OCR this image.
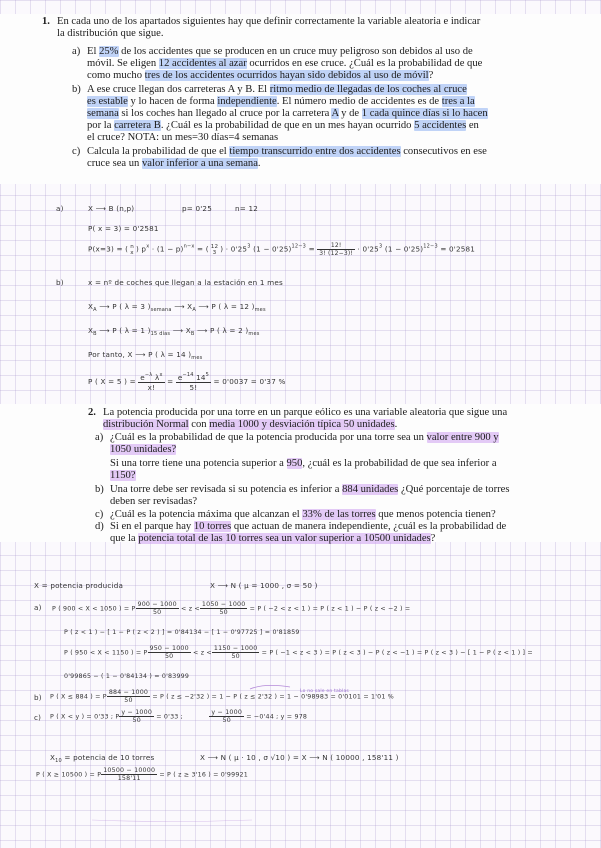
1. En cada uno de los apartados siguientes hay que definir correctamente la variable aleatoria e indicar
la distribución que sigue.
a) El 25% de los accidentes que se producen en un cruce muy peligroso son debidos al uso de
móvil. Se eligen 12 accidentes al azar ocurridos en ese cruce. ¿Cuál es la probabilidad de que
como mucho tres de los accidentes ocurridos hayan sido debidos al uso de móvil?
b) A ese cruce llegan dos carreteras A y B. El ritmo medio de llegadas de los coches al cruce
es estable y lo hacen de forma independiente. El número medio de accidentes es de tres a la
semana si los coches han llegado al cruce por la carretera A y de 1 cada quince días si lo hacen
por la carretera B. ¿Cuál es la probabilidad de que en un mes hayan ocurrido 5 accidentes en
el cruce? NOTA: un mes=30 días=4 semanas
c) Calcula la probabilidad de que el tiempo transcurrido entre dos accidentes consecutivos en ese
cruce sea un valor inferior a una semana.
a)	X ⟶ B (n,p)	p= 0'25	n= 12
P( x = 3) = 0'2581
P(x=3) = ( n
x ) $p^x \cdot (1 - p)^{n-x}$ = ( 12
3 ) · $0'25^3$ $(1 - 0'25)^{12-3} = \frac{12!}{3! (12-3)!} \cdot 0'25^3$ $(1 - 0'25)^{12-3} = 0'2581$
b)	x = nº de coches que llegan a la estación en 1 mes
$X_A$ ⟶ P ( λ = 3 )$_{semana}$ ⟶ $X_A$ ⟶ P ( λ = 12 )$_{mes}$
$X_B$ ⟶ P ( λ = 1 )$_{15 días}$ ⟶ $X_B$ ⟶ P ( λ = 2 )$_{mes}$
Por tanto, X ⟶ P ( λ = 14 )$_{mes}$
P ( X = 5 ) = $\frac{e^{-\lambda} \lambda^x}{x!} = \frac{e^{-14} 14^5}{5!} = 0'0037 = 0'37$ %
2. La potencia producida por una torre en un parque eólico es una variable aleatoria que sigue una
distribución Normal con media 1000 y desviación típica 50 unidades.
a) ¿Cuál es la probabilidad de que la potencia producida por una torre sea un valor entre 900 y
1050 unidades?
Si una torre tiene una potencia superior a 950, ¿cuál es la probabilidad de que sea inferior a
1150?
b) Una torre debe ser revisada si su potencia es inferior a 884 unidades ¿Qué porcentaje de torres
deben ser revisadas?
c) ¿Cuál es la potencia máxima que alcanzan el 33% de las torres que menos potencia tienen?
d) Si en el parque hay 10 torres que actuan de manera independiente, ¿cuál es la probabilidad de
que la potencia total de las 10 torres sea un valor superior a 10500 unidades?
X = potencia producida	X ⟶ N ( μ = 1000 , σ = 50 )
a) P ( 900 < X < 1050 ) = P $\frac{900 - 1000}{50} < z < \frac{1050 - 1000}{50} = P$ ( −2 < z < 1 ) = P ( z < 1 ) − P ( z < −2 ) =
P ( z < 1 ) − [ 1 − P ( z < 2 ) ] = 0'84134 − [ 1 − 0'97725 ] = 0'81859
P ( 950 < X < 1150 ) = P $\frac{950 - 1000}{50} < z < \frac{1150 - 1000}{50} = P$ ( −1 < z < 3 ) = P ( z < 3 ) − P ( z < −1 ) = P ( z < 3 ) − [ 1 − P ( z < 1 ) ] =
0'99865 − ( 1 − 0'84134 ) = 0'83999
b) P ( X ≤ 884 ) = P $\frac{884 - 1000}{50} = P$ ( z ≤ −2'32 ) = 1 − P ( z ≤ 2'32 ) = 1 − 0'98983 = 0'0101 = 1'01 %
Lo no sale en tablas
c) P ( X < y ) = 0'33 ; P $\frac{y - 1000}{50} = 0'33$ ;	$\frac{y - 1000}{50} = -0'44$ ; y = 978
$X_{10}$ = potencia de 10 torres	X ⟶ N ( μ · 10 , σ √10 ) = X ⟶ N ( 10000 , 158'11 )
P ( X ≥ 10500 ) = P $\frac{10500 - 10000}{158'11} = P$ ( z ≥ 3'16 ) = 0'99921
